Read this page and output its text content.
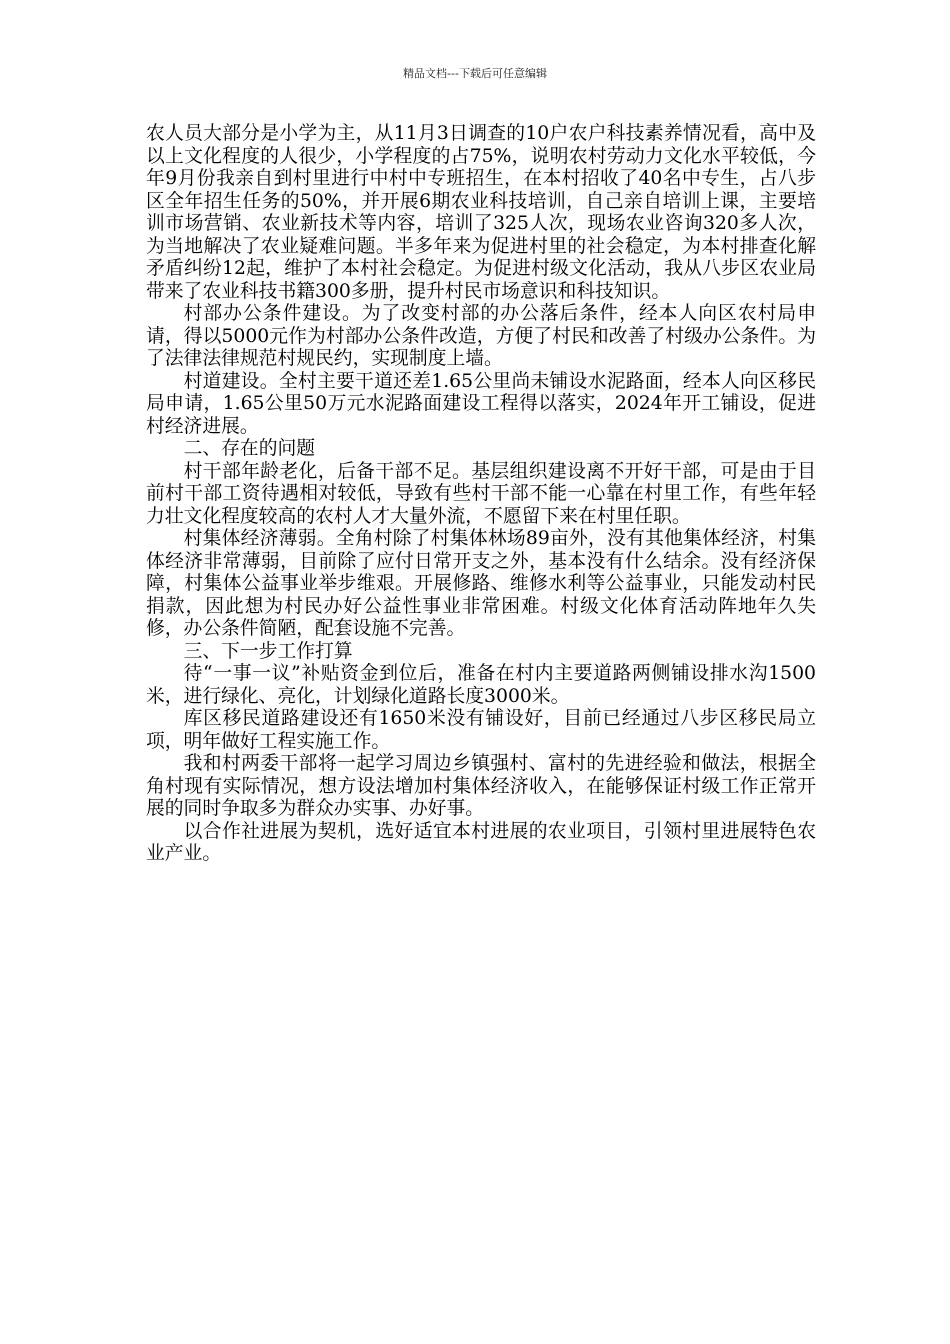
精品文档---下载后可任意编辑

农人员大部分是小学为主，从11月3日调查的10户农户科技素养情况看，高中及以上文化程度的人很少，小学程度的占75%，说明农村劳动力文化水平较低，今年9月份我亲自到村里进行中村中专班招生，在本村招收了40名中专生，占八步区全年招生任务的50%，并开展6期农业科技培训，自己亲自培训上课，主要培训市场营销、农业新技术等内容，培训了325人次，现场农业咨询320多人次，为当地解决了农业疑难问题。半多年来为促进村里的社会稳定，为本村排查化解矛盾纠纷12起，维护了本村社会稳定。为促进村级文化活动，我从八步区农业局带来了农业科技书籍300多册，提升村民市场意识和科技知识。

村部办公条件建设。为了改变村部的办公落后条件，经本人向区农村局申请，得以5000元作为村部办公条件改造，方便了村民和改善了村级办公条件。为了法律法律规范村规民约，实现制度上墙。

村道建设。全村主要干道还差1.65公里尚未铺设水泥路面，经本人向区移民局申请，1.65公里50万元水泥路面建设工程得以落实，2024年开工铺设，促进村经济进展。

二、存在的问题

村干部年龄老化，后备干部不足。基层组织建设离不开好干部，可是由于目前村干部工资待遇相对较低，导致有些村干部不能一心靠在村里工作，有些年轻力壮文化程度较高的农村人才大量外流，不愿留下来在村里任职。

村集体经济薄弱。全角村除了村集体林场89亩外，没有其他集体经济，村集体经济非常薄弱，目前除了应付日常开支之外，基本没有什么结余。没有经济保障，村集体公益事业举步维艰。开展修路、维修水利等公益事业，只能发动村民捐款，因此想为村民办好公益性事业非常困难。村级文化体育活动阵地年久失修，办公条件简陋，配套设施不完善。

三、下一步工作打算

待“一事一议”补贴资金到位后，准备在村内主要道路两侧铺设排水沟1500米，进行绿化、亮化，计划绿化道路长度3000米。

库区移民道路建设还有1650米没有铺设好，目前已经通过八步区移民局立项，明年做好工程实施工作。

我和村两委干部将一起学习周边乡镇强村、富村的先进经验和做法，根据全角村现有实际情况，想方设法增加村集体经济收入，在能够保证村级工作正常开展的同时争取多为群众办实事、办好事。

以合作社进展为契机，选好适宜本村进展的农业项目，引领村里进展特色农业产业。
